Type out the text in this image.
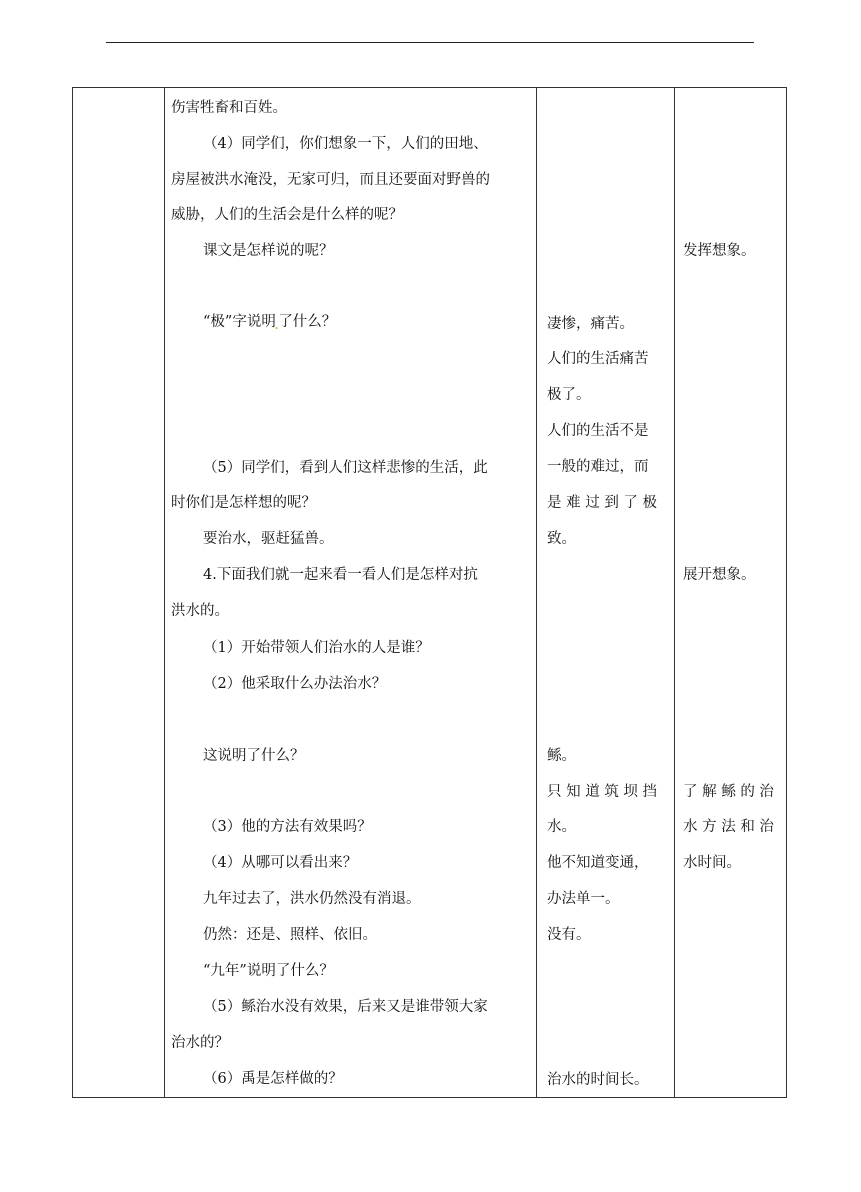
伤害牲畜和百姓。
（4）同学们，你们想象一下，人们的田地、
房屋被洪水淹没，无家可归，而且还要面对野兽的
威胁，人们的生活会是什么样的呢？
课文是怎样说的呢？
“极”字说明$_.$了什么？
（5）同学们，看到人们这样悲惨的生活，此
时你们是怎样想的呢？
要治水，驱赶猛兽。
4.下面我们就一起来看一看人们是怎样对抗
洪水的。
（1）开始带领人们治水的人是谁？
（2）他采取什么办法治水？
这说明了什么？
（3）他的方法有效果吗？
（4）从哪可以看出来？
九年过去了，洪水仍然没有消退。
仍然：还是、照样、依旧。
“九年”说明了什么？
（5）鲧治水没有效果，后来又是谁带领大家
治水的？
（6）禹是怎样做的？
凄惨，痛苦。
人们的生活痛苦
极了。
人们的生活不是
一般的难过，而
是 难 过 到 了 极
致。
鲧。
只 知 道 筑 坝 挡
水。
他不知道变通，
办法单一。
没有。
治水的时间长。
发挥想象。
展开想象。
了 解 鲧 的 治
水 方 法 和 治
水时间。
